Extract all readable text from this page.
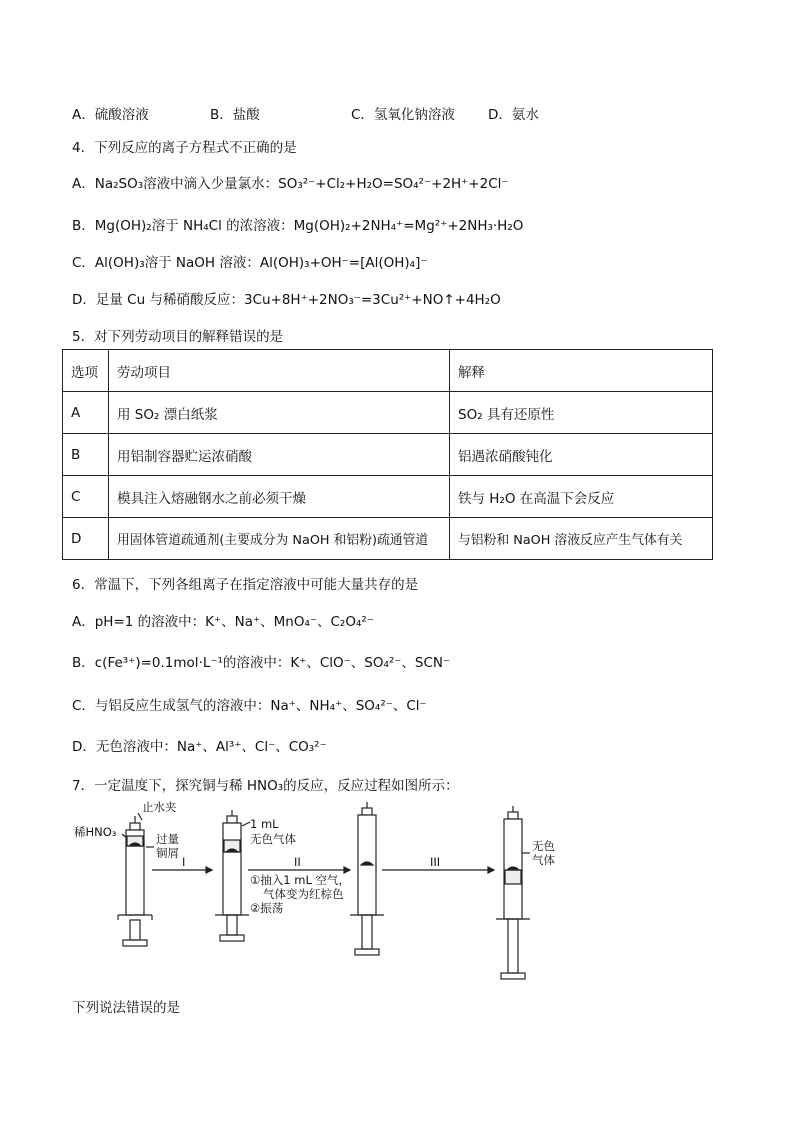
A．硫酸溶液	B．盐酸	C．氢氧化钠溶液 D．氨水
4．下列反应的离子方程式不正确的是
A．Na₂SO₃溶液中滴入少量氯水：SO₃²⁻+Cl₂+H₂O=SO₄²⁻+2H⁺+2Cl⁻
B．Mg(OH)₂溶于 NH₄Cl 的浓溶液：Mg(OH)₂+2NH₄⁺=Mg²⁺+2NH₃·H₂O
C．Al(OH)₃溶于 NaOH 溶液：Al(OH)₃+OH⁻=[Al(OH)₄]⁻
D．足量 Cu 与稀硝酸反应：3Cu+8H⁺+2NO₃⁻=3Cu²⁺+NO↑+4H₂O
5．对下列劳动项目的解释错误的是
选项	劳动项目	解释
A	用 SO₂ 漂白纸浆	SO₂ 具有还原性
B	用铝制容器贮运浓硝酸	铝遇浓硝酸钝化
C	模具注入熔融钢水之前必须干燥	铁与 H₂O 在高温下会反应
D	用固体管道疏通剂(主要成分为 NaOH 和铝粉)疏通管道	与铝粉和 NaOH 溶液反应产生气体有关
6．常温下，下列各组离子在指定溶液中可能大量共存的是
A．pH=1 的溶液中：K⁺、Na⁺、MnO₄⁻、C₂O₄²⁻
B．c(Fe³⁺)=0.1mol·L⁻¹的溶液中：K⁺、ClO⁻、SO₄²⁻、SCN⁻
C．与铝反应生成氢气的溶液中：Na⁺、NH₄⁺、SO₄²⁻、Cl⁻
D．无色溶液中：Na⁺、Al³⁺、Cl⁻、CO₃²⁻
7．一定温度下，探究铜与稀 HNO₃的反应，反应过程如图所示：
止水夹
稀HNO₃	过量
铜屑
I
1 mL
无色气体
II
①抽入1 mL 空气，
气体变为红棕色
②振荡
III
无色
气体
下列说法错误的是
